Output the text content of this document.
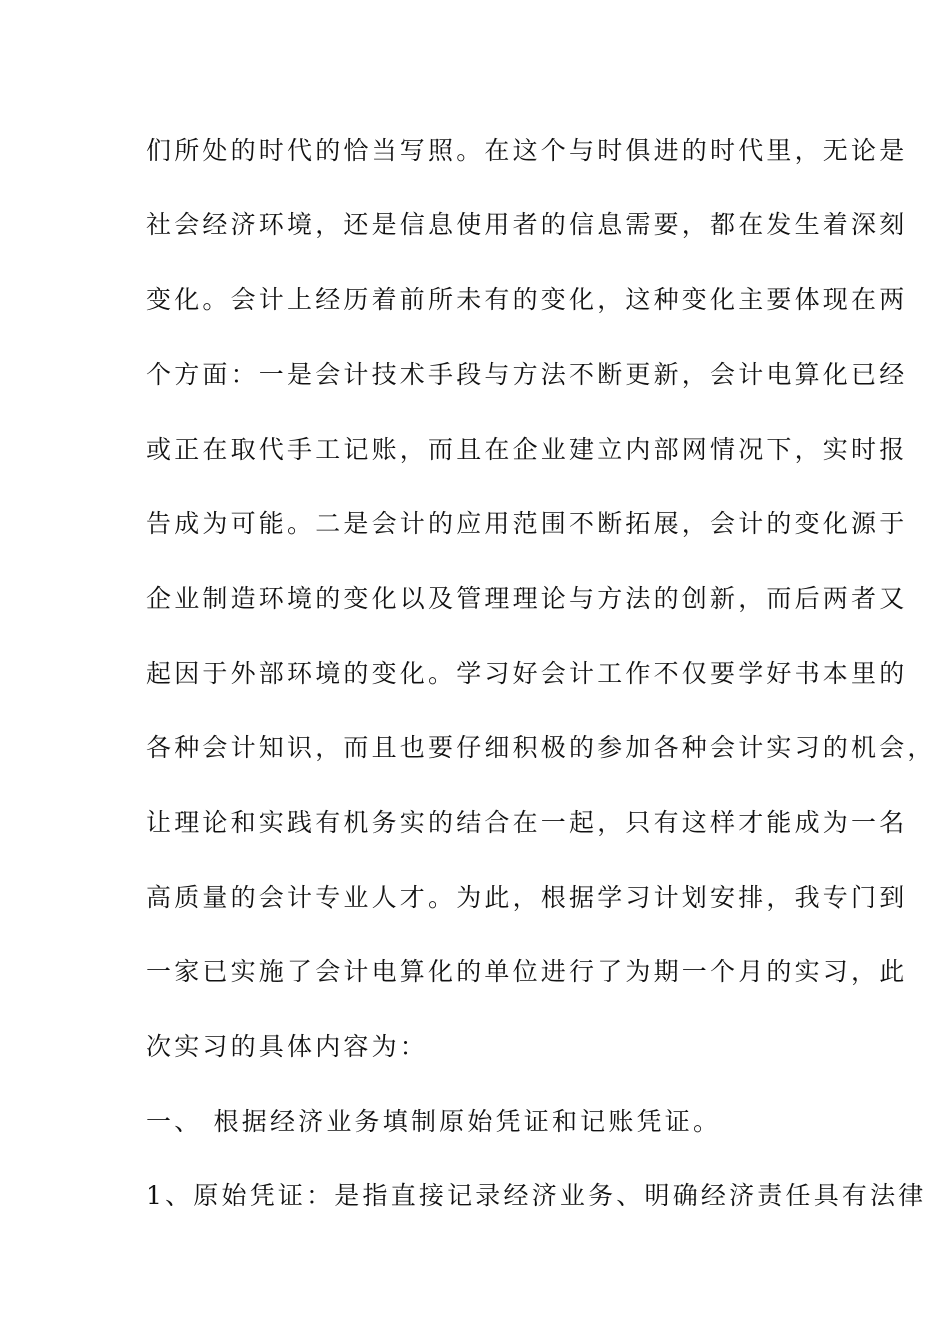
们所处的时代的恰当写照。在这个与时俱进的时代里，无论是
社会经济环境，还是信息使用者的信息需要，都在发生着深刻
变化。会计上经历着前所未有的变化，这种变化主要体现在两
个方面：一是会计技术手段与方法不断更新，会计电算化已经
或正在取代手工记账，而且在企业建立内部网情况下，实时报
告成为可能。二是会计的应用范围不断拓展，会计的变化源于
企业制造环境的变化以及管理理论与方法的创新，而后两者又
起因于外部环境的变化。学习好会计工作不仅要学好书本里的
各种会计知识，而且也要仔细积极的参加各种会计实习的机会，
让理论和实践有机务实的结合在一起，只有这样才能成为一名
高质量的会计专业人才。为此，根据学习计划安排，我专门到
一家已实施了会计电算化的单位进行了为期一个月的实习，此
次实习的具体内容为：
一、 根据经济业务填制原始凭证和记账凭证。
1、原始凭证：是指直接记录经济业务、明确经济责任具有法律
